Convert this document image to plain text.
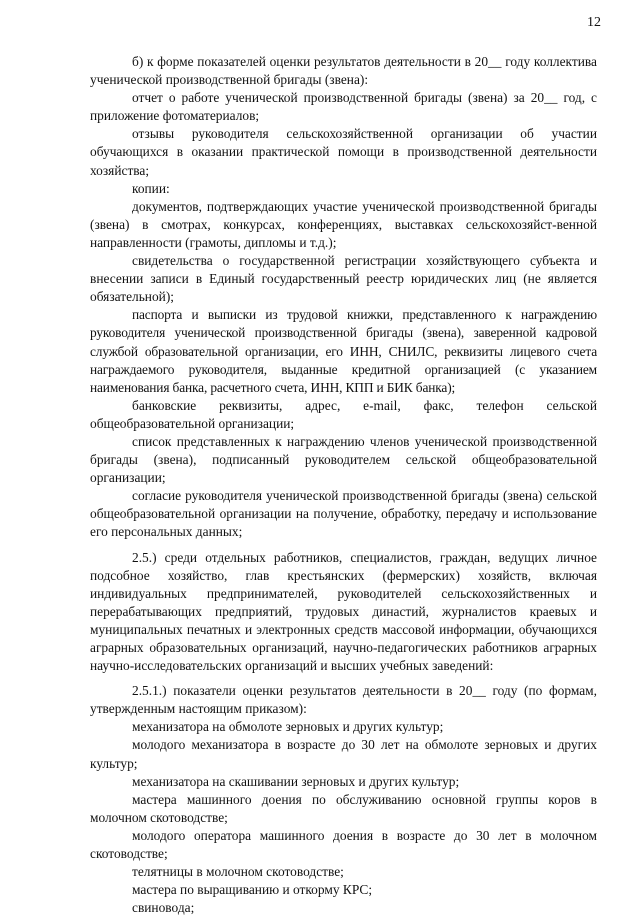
12

б) к форме показателей оценки результатов деятельности в 20__ году коллектива ученической производственной бригады (звена):

отчет о работе ученической производственной бригады (звена) за 20__ год, с приложение фотоматериалов;

отзывы руководителя сельскохозяйственной организации об участии обучающихся в оказании практической помощи в производственной деятельности хозяйства;

копии:

документов, подтверждающих участие ученической производственной бригады (звена) в смотрах, конкурсах, конференциях, выставках сельскохозяйст-венной направленности (грамоты, дипломы и т.д.);

свидетельства о государственной регистрации хозяйствующего субъекта и внесении записи в Единый государственный реестр юридических лиц (не является обязательной);

паспорта и выписки из трудовой книжки, представленного к награждению руководителя ученической производственной бригады (звена), заверенной кадровой службой образовательной организации, его ИНН, СНИЛС, реквизиты лицевого счета награждаемого руководителя, выданные кредитной организацией (с указанием наименования банка, расчетного счета, ИНН, КПП и БИК банка);

банковские реквизиты, адрес, e-mail, факс, телефон сельской общеобразовательной организации;

список представленных к награждению членов ученической производственной бригады (звена), подписанный руководителем сельской общеобразовательной организации;

согласие руководителя ученической производственной бригады (звена) сельской общеобразовательной организации на получение, обработку, передачу и использование его персональных данных;

2.5.) среди отдельных работников, специалистов, граждан, ведущих личное подсобное хозяйство, глав крестьянских (фермерских) хозяйств, включая индивидуальных предпринимателей, руководителей сельскохозяйственных и перерабатывающих предприятий, трудовых династий, журналистов краевых и муниципальных печатных и электронных средств массовой информации, обучающихся аграрных образовательных организаций, научно-педагогических работников аграрных научно-исследовательских организаций и высших учебных заведений:

2.5.1.) показатели оценки результатов деятельности в 20__ году (по формам, утвержденным настоящим приказом):

механизатора на обмолоте зерновых и других культур;

молодого механизатора в возрасте до 30 лет на обмолоте зерновых и других культур;

механизатора на скашивании зерновых и других культур;

мастера машинного доения по обслуживанию основной группы коров в молочном скотоводстве;

молодого оператора машинного доения в возрасте до 30 лет в молочном скотоводстве;

телятницы в молочном скотоводстве;

мастера по выращиванию и откорму КРС;

свиновода;
